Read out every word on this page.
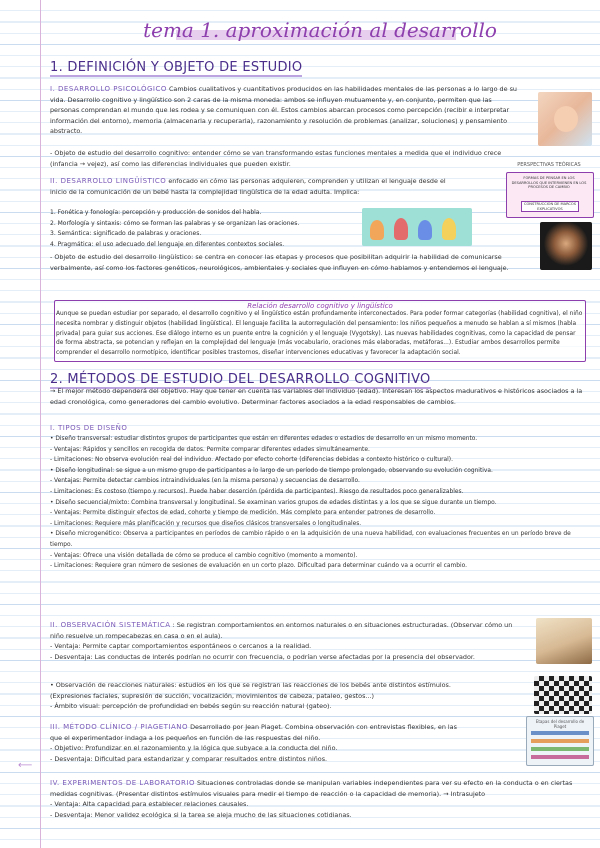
tema 1. aproximación al desarrollo
1. DEFINICIÓN Y OBJETO DE ESTUDIO
I. DESARROLLO PSICOLÓGICO Cambios cualitativos y cuantitativos producidos en las habilidades mentales de las personas a lo largo de su vida. Desarrollo cognitivo y lingüístico son 2 caras de la misma moneda: ambos se influyen mutuamente y, en conjunto, permiten que las personas comprendan el mundo que les rodea y se comuniquen con él. Estos cambios abarcan procesos como percepción (recibir e interpretar información del entorno), memoria (almacenarla y recuperarla), razonamiento y resolución de problemas (analizar, soluciones) y pensamiento abstracto.
- Objeto de estudio del desarrollo cognitivo: entender cómo se van transformando estas funciones mentales a medida que el individuo crece (infancia → vejez), así como las diferencias individuales que pueden existir.	PERSPECTIVAS TEÓRICAS
FORMAS DE PENSAR EN LOS DESARROLLOS QUE INTERVIENEN EN LOS PROCESOS DE CAMBIO
CONSTRUCCIÓN DE MARCOS EXPLICATIVOS
II. DESARROLLO LINGÜÍSTICO enfocado en cómo las personas adquieren, comprenden y utilizan el lenguaje desde el inicio de la comunicación de un bebé hasta la complejidad lingüística de la edad adulta. Implica:
1. Fonética y fonología: percepción y producción de sonidos del habla.
2. Morfología y sintaxis: cómo se forman las palabras y se organizan las oraciones.
3. Semántica: significado de palabras y oraciones.
4. Pragmática: el uso adecuado del lenguaje en diferentes contextos sociales.
- Objeto de estudio del desarrollo lingüístico: se centra en conocer las etapas y procesos que posibilitan adquirir la habilidad de comunicarse verbalmente, así como los factores genéticos, neurológicos, ambientales y sociales que influyen en cómo hablamos y entendemos el lenguaje.
Relación desarrollo cognitivo y lingüístico
Aunque se puedan estudiar por separado, el desarrollo cognitivo y el lingüístico están profundamente interconectados. Para poder formar categorías (habilidad cognitiva), el niño necesita nombrar y distinguir objetos (habilidad lingüística). El lenguaje facilita la autorregulación del pensamiento: los niños pequeños a menudo se hablan a sí mismos (habla privada) para guiar sus acciones. Ese diálogo interno es un puente entre la cognición y el lenguaje (Vygotsky). Las nuevas habilidades cognitivas, como la capacidad de pensar de forma abstracta, se potencian y reflejan en la complejidad del lenguaje (más vocabulario, oraciones más elaboradas, metáforas...). Estudiar ambos desarrollos permite comprender el desarrollo normotípico, identificar posibles trastornos, diseñar intervenciones educativas y favorecer la adaptación social.
2. MÉTODOS DE ESTUDIO DEL DESARROLLO COGNITIVO
→ El mejor método dependerá del objetivo. Hay que tener en cuenta las variables del individuo (edad). Interesan los aspectos madurativos e históricos asociados a la edad cronológica, como generadores del cambio evolutivo. Determinar factores asociados a la edad responsables de cambios.
I. TIPOS DE DISEÑO
• Diseño transversal: estudiar distintos grupos de participantes que están en diferentes edades o estadios de desarrollo en un mismo momento.
- Ventajas: Rápidos y sencillos en recogida de datos. Permite comparar diferentes edades simultáneamente.
- Limitaciones: No observa evolución real del individuo. Afectado por efecto cohorte (diferencias debidas a contexto histórico o cultural).
• Diseño longitudinal: se sigue a un mismo grupo de participantes a lo largo de un período de tiempo prolongado, observando su evolución cognitiva.
- Ventajas: Permite detectar cambios intraindividuales (en la misma persona) y secuencias de desarrollo.
- Limitaciones: Es costoso (tiempo y recursos). Puede haber deserción (pérdida de participantes). Riesgo de resultados poco generalizables.
• Diseño secuencial/mixto: Combina transversal y longitudinal. Se examinan varios grupos de edades distintas y a los que se sigue durante un tiempo.
- Ventajas: Permite distinguir efectos de edad, cohorte y tiempo de medición. Más completo para entender patrones de desarrollo.
- Limitaciones: Requiere más planificación y recursos que diseños clásicos transversales o longitudinales.
• Diseño microgenético: Observa a participantes en períodos de cambio rápido o en la adquisición de una nueva habilidad, con evaluaciones frecuentes en un período breve de tiempo.
- Ventajas: Ofrece una visión detallada de cómo se produce el cambio cognitivo (momento a momento).
- Limitaciones: Requiere gran número de sesiones de evaluación en un corto plazo. Dificultad para determinar cuándo va a ocurrir el cambio.
II. OBSERVACIÓN SISTEMÁTICA : Se registran comportamientos en entornos naturales o en situaciones estructuradas. (Observar cómo un niño resuelve un rompecabezas en casa o en el aula).
- Ventaja: Permite captar comportamientos espontáneos o cercanos a la realidad.
- Desventaja: Las conductas de interés podrían no ocurrir con frecuencia, o podrían verse afectadas por la presencia del observador.
• Observación de reacciones naturales: estudios en los que se registran las reacciones de los bebés ante distintos estímulos. (Expresiones faciales, supresión de succión, vocalización, movimientos de cabeza, pataleo, gestos...)
- Ámbito visual: percepción de profundidad en bebés según su reacción natural (gateo).
III. MÉTODO CLÍNICO / PIAGETIANO Desarrollado por Jean Piaget. Combina observación con entrevistas flexibles, en las que el experimentador indaga a los pequeños en función de las respuestas del niño.
- Objetivo: Profundizar en el razonamiento y la lógica que subyace a la conducta del niño.
- Desventaja: Dificultad para estandarizar y comparar resultados entre distintos niños.
Etapas del desarrollo de Piaget
IV. EXPERIMENTOS DE LABORATORIO Situaciones controladas donde se manipulan variables independientes para ver su efecto en la conducta o en ciertas medidas cognitivas. (Presentar distintos estímulos visuales para medir el tiempo de reacción o la capacidad de memoria). → Intrasujeto
- Ventaja: Alta capacidad para establecer relaciones causales.
- Desventaja: Menor validez ecológica si la tarea se aleja mucho de las situaciones cotidianas.
⟵
